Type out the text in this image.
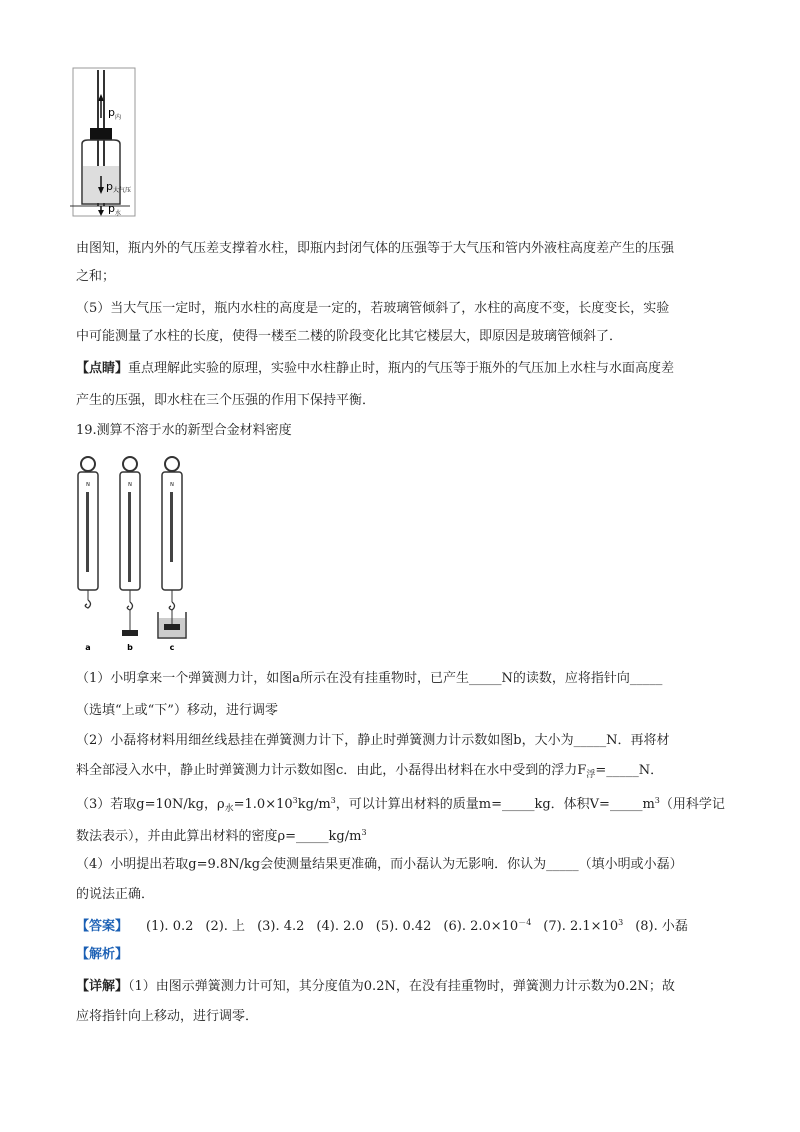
p 内
p 大气压
p 水
由图知，瓶内外的气压差支撑着水柱，即瓶内封闭气体的压强等于大气压和管内外液柱高度差产生的压强
之和；
（5）当大气压一定时，瓶内水柱的高度是一定的，若玻璃管倾斜了，水柱的高度不变，长度变长，实验
中可能测量了水柱的长度，使得一楼至二楼的阶段变化比其它楼层大，即原因是玻璃管倾斜了．
【点睛】重点理解此实验的原理，实验中水柱静止时，瓶内的气压等于瓶外的气压加上水柱与水面高度差
产生的压强，即水柱在三个压强的作用下保持平衡．
19.测算不溶于水的新型合金材料密度
N	N	N
a	b	c
（1）小明拿来一个弹簧测力计，如图a所示在没有挂重物时，已产生_____N的读数，应将指针向_____
（选填“上或“下”）移动，进行调零
（2）小磊将材料用细丝线悬挂在弹簧测力计下，静止时弹簧测力计示数如图b，大小为_____N．再将材
料全部浸入水中，静止时弹簧测力计示数如图c．由此，小磊得出材料在水中受到的浮力$F_浮=\_\_\_\_\_N$．
（3）若取g=10N/kg，$\rho_水=1.0\times 10^3kg/m^3$，可以计算出材料的质量m=_____kg．体积$V=\_\_\_\_\_m^3$（用科学记
数法表示），并由此算出材料的密度$\rho=\_\_\_\_\_kg/m^3$
（4）小明提出若取g=9.8N/kg会使测量结果更准确，而小磊认为无影响．你认为_____（填小明或小磊）
的说法正确．
【答案】 (1). 0.2 (2). 上 (3). 4.2 (4). 2.0 (5). 0.42 (6). $2.0\times 10^{-4}$ (7). $2.1\times 10^3$ (8). 小磊
【解析】
【详解】（1）由图示弹簧测力计可知，其分度值为0.2N，在没有挂重物时，弹簧测力计示数为0.2N；故
应将指针向上移动，进行调零．
